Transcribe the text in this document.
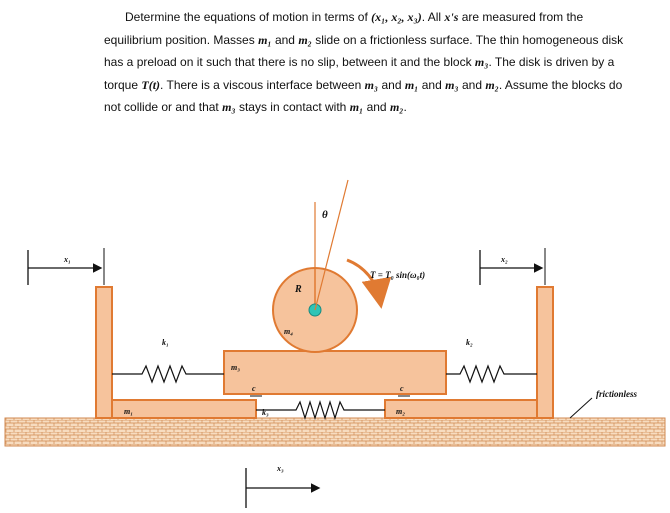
Determine the equations of motion in terms of (x₁, x₂, x₃). All x's are measured from the equilibrium position. Masses m₁ and m₂ slide on a frictionless surface. The thin homogeneous disk has a preload on it such that there is no slip, between it and the block m₃. The disk is driven by a torque T(t). There is a viscous interface between m₃ and m₁ and m₃ and m₂. Assume the blocks do not collide or and that m₃ stays in contact with m₁ and m₂.

θ
R
m₄
T = T₀ sin(ω₀t)
x₁	x₂
x₃
k₁
m₃
k₂
k₃
c	c
m₁	m₂
frictionless
